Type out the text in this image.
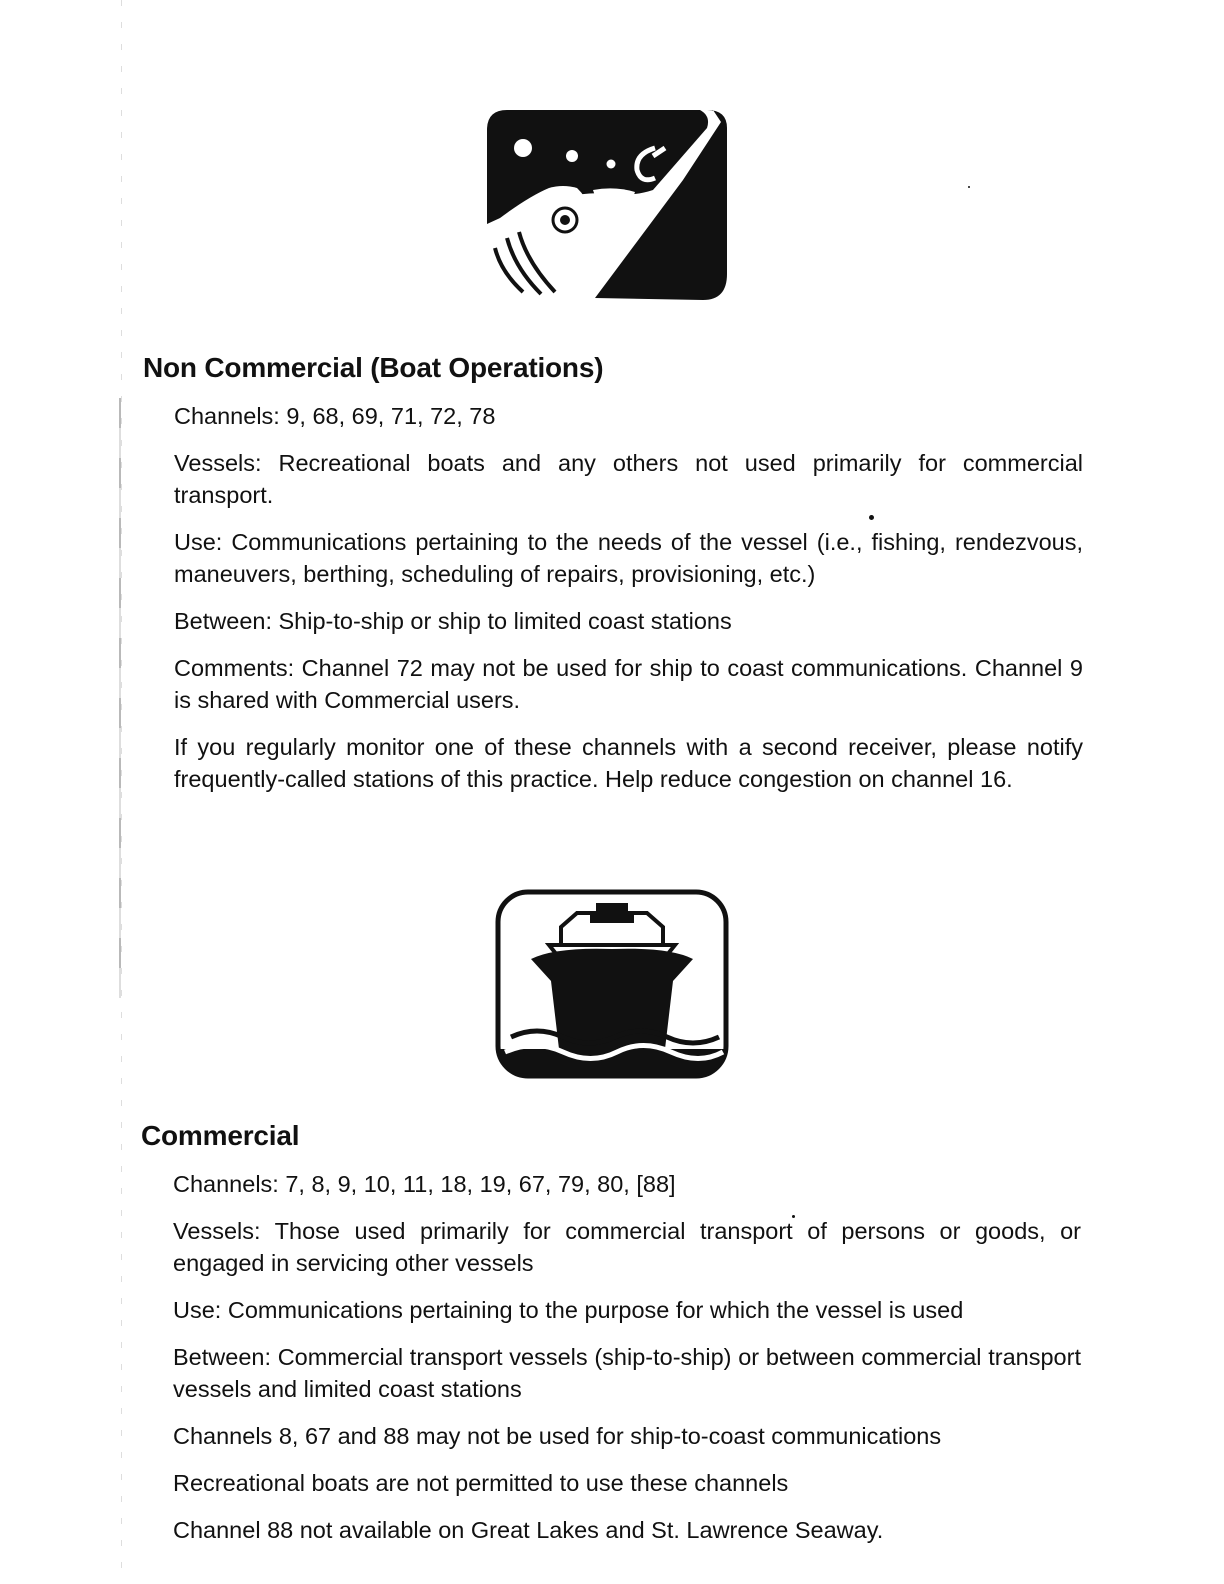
Non Commercial (Boat Operations)

Channels: 9, 68, 69, 71, 72, 78

Vessels: Recreational boats and any others not used primarily for commercial transport.

Use: Communications pertaining to the needs of the vessel (i.e., fishing, rendezvous, maneuvers, berthing, scheduling of repairs, provisioning, etc.)

Between: Ship-to-ship or ship to limited coast stations

Comments: Channel 72 may not be used for ship to coast communications. Channel 9 is shared with Commercial users.

If you regularly monitor one of these channels with a second receiver, please notify frequently-called stations of this practice. Help reduce congestion on channel 16.

Commercial

Channels: 7, 8, 9, 10, 11, 18, 19, 67, 79, 80, [88]

Vessels: Those used primarily for commercial transport of persons or goods, or engaged in servicing other vessels

Use: Communications pertaining to the purpose for which the vessel is used

Between: Commercial transport vessels (ship-to-ship) or between commercial transport vessels and limited coast stations

Channels 8, 67 and 88 may not be used for ship-to-coast communications

Recreational boats are not permitted to use these channels

Channel 88 not available on Great Lakes and St. Lawrence Seaway.
